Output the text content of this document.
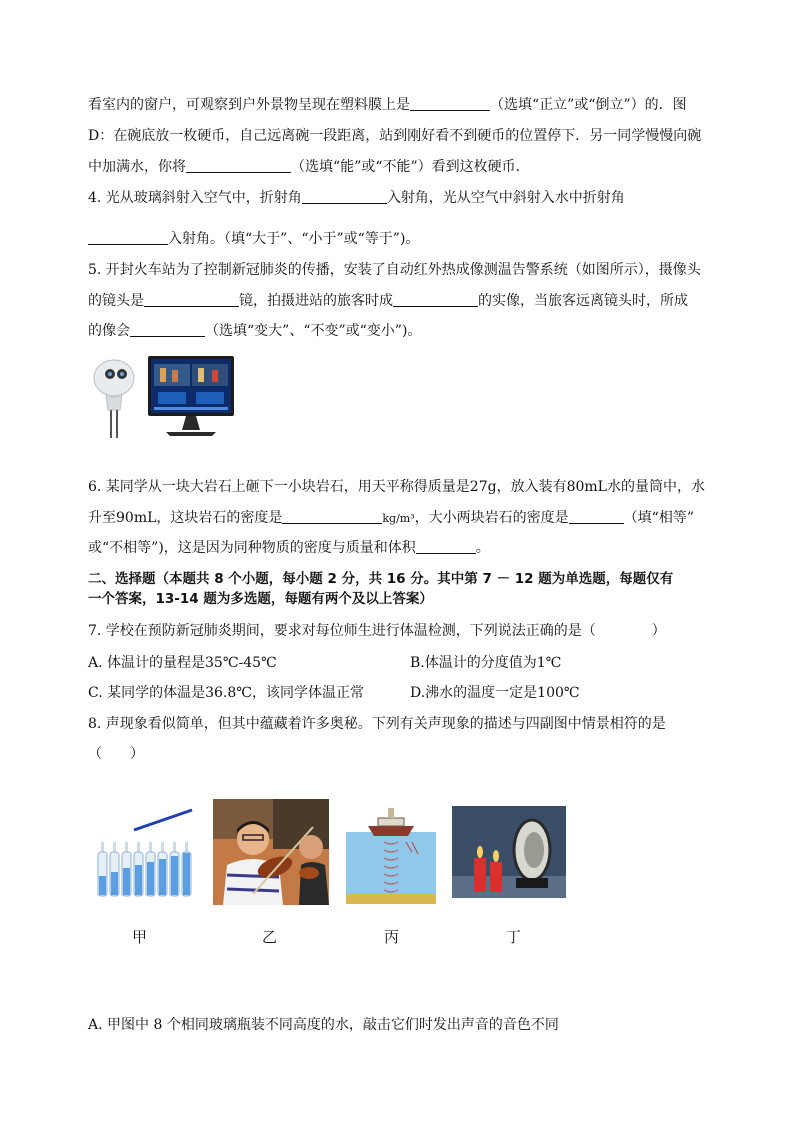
看室内的窗户，可观察到户外景物呈现在塑料膜上是	（选填“正立”或“倒立”）的．图
D：在碗底放一枚硬币，自己远离碗一段距离，站到刚好看不到硬币的位置停下．另一同学慢慢向碗
中加满水，你将	（选填“能”或“不能”）看到这枚硬币．
4. 光从玻璃斜射入空气中，折射角	入射角，光从空气中斜射入水中折射角
入射角。（填“大于”、“小于”或“等于”)。
5. 开封火车站为了控制新冠肺炎的传播，安装了自动红外热成像测温告警系统（如图所示），摄像头
的镜头是	镜，拍摄进站的旅客时成	的实像，当旅客远离镜头时，所成
的像会	（选填“变大”、“不变”或“变小”)。
6. 某同学从一块大岩石上砸下一小块岩石，用天平称得质量是27g，放入装有80mL水的量筒中，水
升至90mL，这块岩石的密度是	kg/m³，大小两块岩石的密度是	（填“相等”
或“不相等”)，这是因为同种物质的密度与质量和体积	。
二、选择题（本题共 8 个小题，每小题 2 分，共 16 分。其中第 7 － 12 题为单选题，每题仅有
一个答案，13-14 题为多选题，每题有两个及以上答案）
7. 学校在预防新冠肺炎期间，要求对每位师生进行体温检测，下列说法正确的是（　　　　）
A. 体温计的量程是35℃-45℃	B.体温计的分度值为1℃
C. 某同学的体温是36.8℃，该同学体温正常	D.沸水的温度一定是100℃
8. 声现象看似简单，但其中蕴藏着许多奥秘。下列有关声现象的描述与四副图中情景相符的是
（　　）
甲	乙	丙	丁
A. 甲图中 8 个相同玻璃瓶装不同高度的水，敲击它们时发出声音的音色不同
